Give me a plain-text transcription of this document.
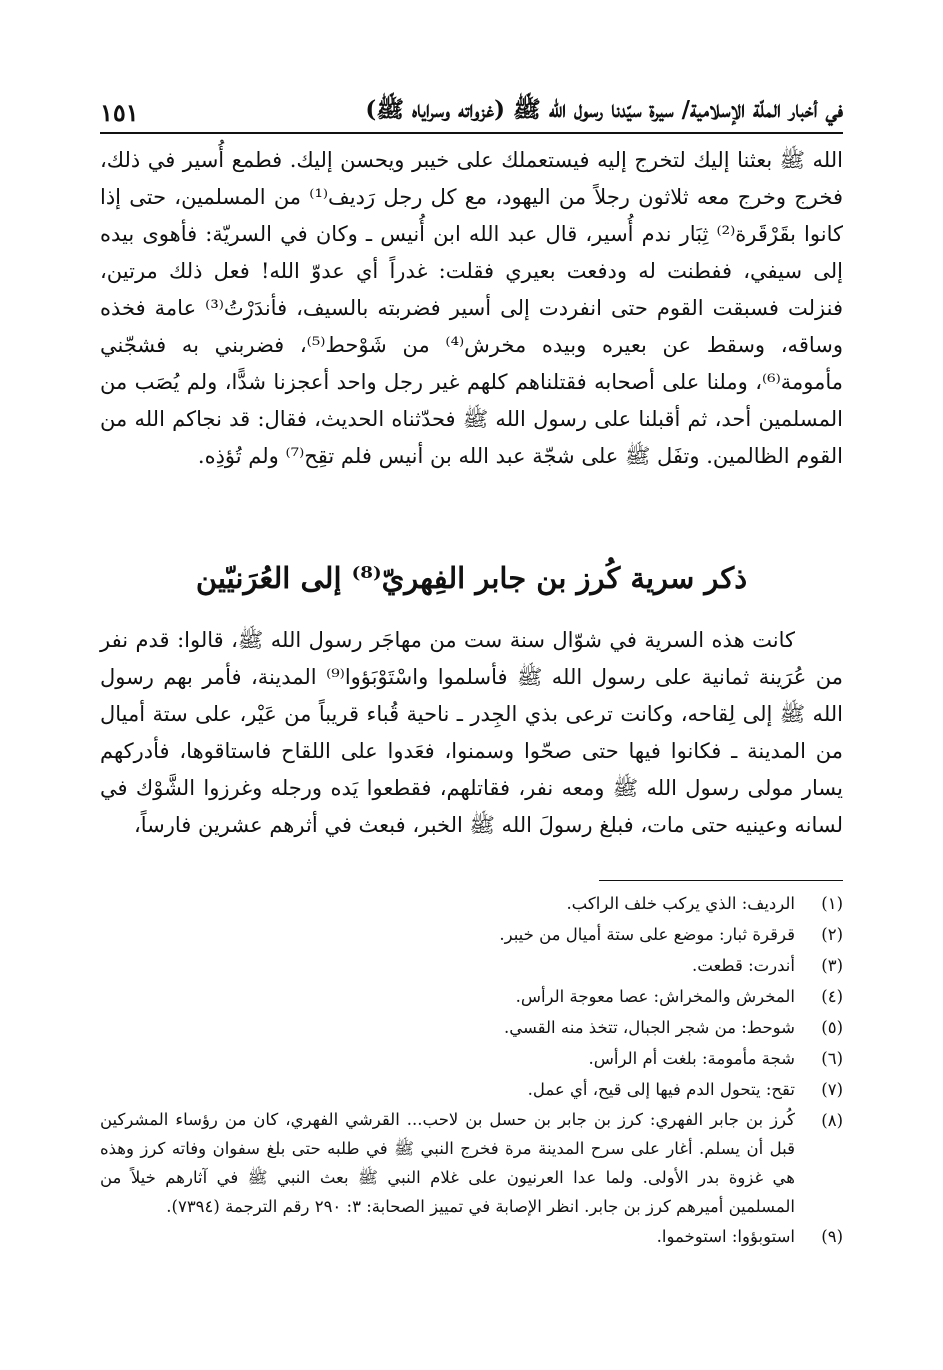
في أخبار الملّة الإسلامية/ سيرة سيّدنا رسول الله ﷺ (غزواته وسراياه ﷺ)
١٥١

الله ﷺ بعثنا إليك لتخرج إليه فيستعملك على خيبر ويحسن إليك. فطمع أُسير في ذلك، فخرج وخرج معه ثلاثون رجلاً من اليهود، مع كل رجل رَديف⁽¹⁾ من المسلمين، حتى إذا كانوا بقَرْقَرة⁽²⁾ ثِبَار ندم أُسير، قال عبد الله ابن أُنيس ـ وكان في السريّة: فأهوى بيده إلى سيفي، ففطنت له ودفعت بعيري فقلت: غدراً أي عدوّ الله! فعل ذلك مرتين، فنزلت فسبقت القوم حتى انفردت إلى أسير فضربته بالسيف، فأندَرْتُ⁽³⁾ عامة فخذه وساقه، وسقط عن بعيره وبيده مخرش⁽⁴⁾ من شَوْحط⁽⁵⁾، فضربني به فشجّني مأمومة⁽⁶⁾، وملنا على أصحابه فقتلناهم كلهم غير رجل واحد أعجزنا شدًّا، ولم يُصَب من المسلمين أحد، ثم أقبلنا على رسول الله ﷺ فحدّثناه الحديث، فقال: قد نجاكم الله من القوم الظالمين. وتفَل ﷺ على شجّة عبد الله بن أنيس فلم تقِح⁽⁷⁾ ولم تُؤذِه.

ذكر سرية كُرز بن جابر الفِهريّ⁽⁸⁾ إلى العُرَنيّين

كانت هذه السرية في شوّال سنة ست من مهاجَر رسول الله ﷺ، قالوا: قدم نفر من عُرَينة ثمانية على رسول الله ﷺ فأسلموا واسْتَوْبَؤوا⁽⁹⁾ المدينة، فأمر بهم رسول الله ﷺ إلى لِقاحه، وكانت ترعى بذي الجِدر ـ ناحية قُباء قريباً من عَيْر، على ستة أميال من المدينة ـ فكانوا فيها حتى صحّوا وسمنوا، فعَدوا على اللقاح فاستاقوها، فأدركهم يسار مولى رسول الله ﷺ ومعه نفر، فقاتلهم، فقطعوا يَده ورجله وغرزوا الشَّوْك في لسانه وعينيه حتى مات، فبلغ رسولَ الله ﷺ الخبر، فبعث في أثرهم عشرين فارساً،

(١)
الرديف: الذي يركب خلف الراكب.
(٢)
قرقرة ثبار: موضع على ستة أميال من خيبر.
(٣)
أندرت: قطعت.
(٤)
المخرش والمخراش: عصا معوجة الرأس.
(٥)
شوحط: من شجر الجبال، تتخذ منه القسي.
(٦)
شجة مأمومة: بلغت أم الرأس.
(٧)
تقح: يتحول الدم فيها إلى قيح، أي عمل.
(٨)
كُرز بن جابر الفهري: كرز بن جابر بن حسل بن لاحب... القرشي الفهري، كان من رؤساء المشركين قبل أن يسلم. أغار على سرح المدينة مرة فخرج النبي ﷺ في طلبه حتى بلغ سفوان وفاته كرز وهذه هي غزوة بدر الأولى. ولما عدا العرنيون على غلام النبي ﷺ بعث النبي ﷺ في آثارهم خيلاً من المسلمين أميرهم كرز بن جابر. انظر الإصابة في تمييز الصحابة: ٣: ٢٩٠ رقم الترجمة (٧٣٩٤).
(٩)
استوبؤوا: استوخموا.
